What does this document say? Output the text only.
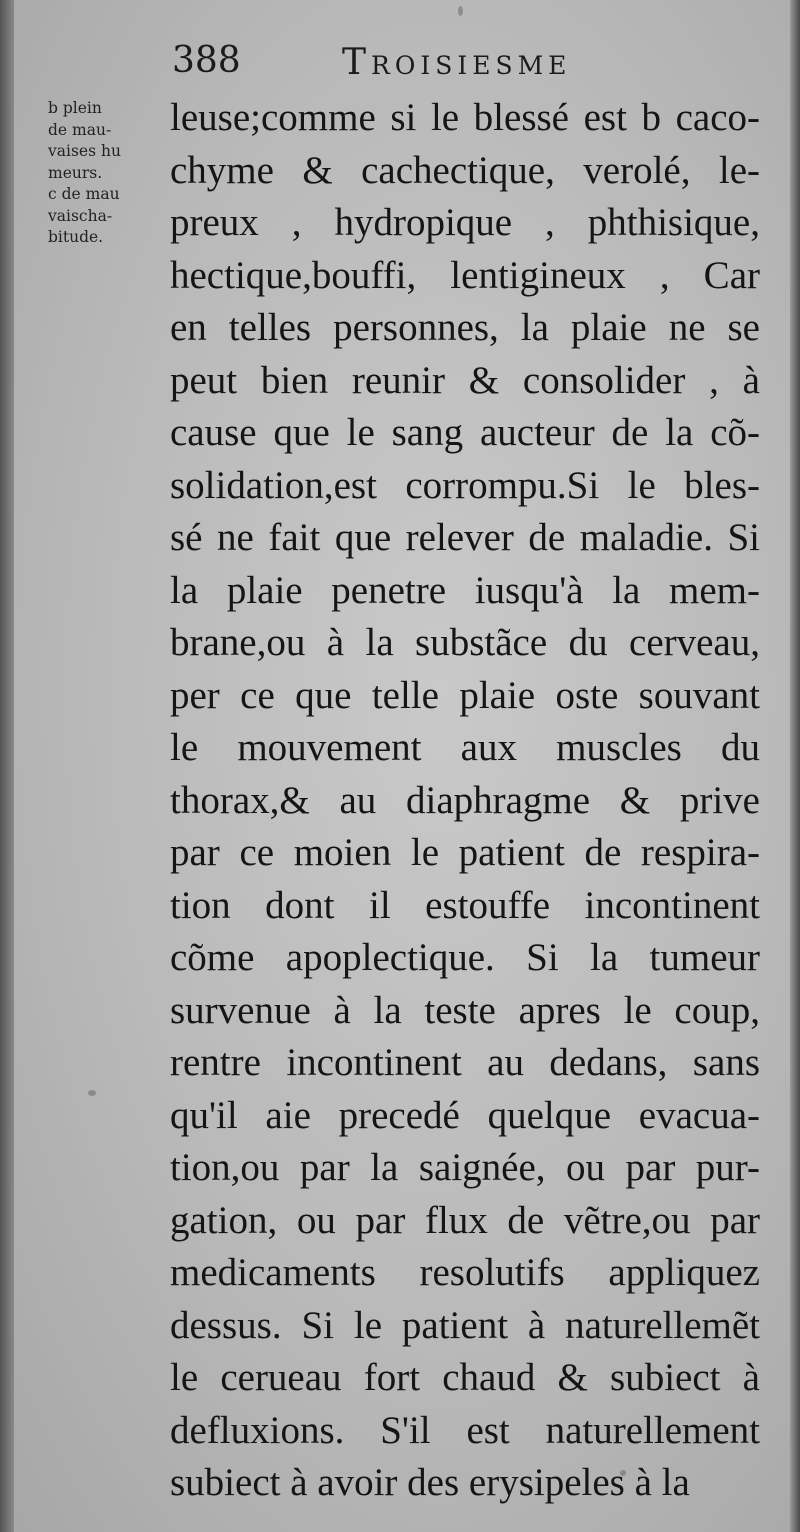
388	Troisiesme
b plein
de mau-
vaises hu
meurs.
c de mau
vaischa-
bitude.
leuse;comme si le blessé est b caco-
chyme & cachectique, verolé, le-
preux , hydropique , phthisique,
hectique,bouffi, lentigineux , Car
en telles personnes, la plaie ne se
peut bien reunir & consolider , à
cause que le sang aucteur de la cõ-
solidation,est corrompu.Si le bles-
sé ne fait que relever de maladie. Si
la plaie penetre iusqu'à la mem-
brane,ou à la substãce du cerveau,
per ce que telle plaie oste souvant
le mouvement aux muscles du
thorax,& au diaphragme & prive
par ce moien le patient de respira-
tion dont il estouffe incontinent
cõme apoplectique. Si la tumeur
survenue à la teste apres le coup,
rentre incontinent au dedans, sans
qu'il aie precedé quelque evacua-
tion,ou par la saignée, ou par pur-
gation, ou par flux de vẽtre,ou par
medicaments resolutifs appliquez
dessus. Si le patient à naturellemẽt
le cerueau fort chaud & subiect à
defluxions. S'il est naturellement
subiect à avoir des erysipeles à la
